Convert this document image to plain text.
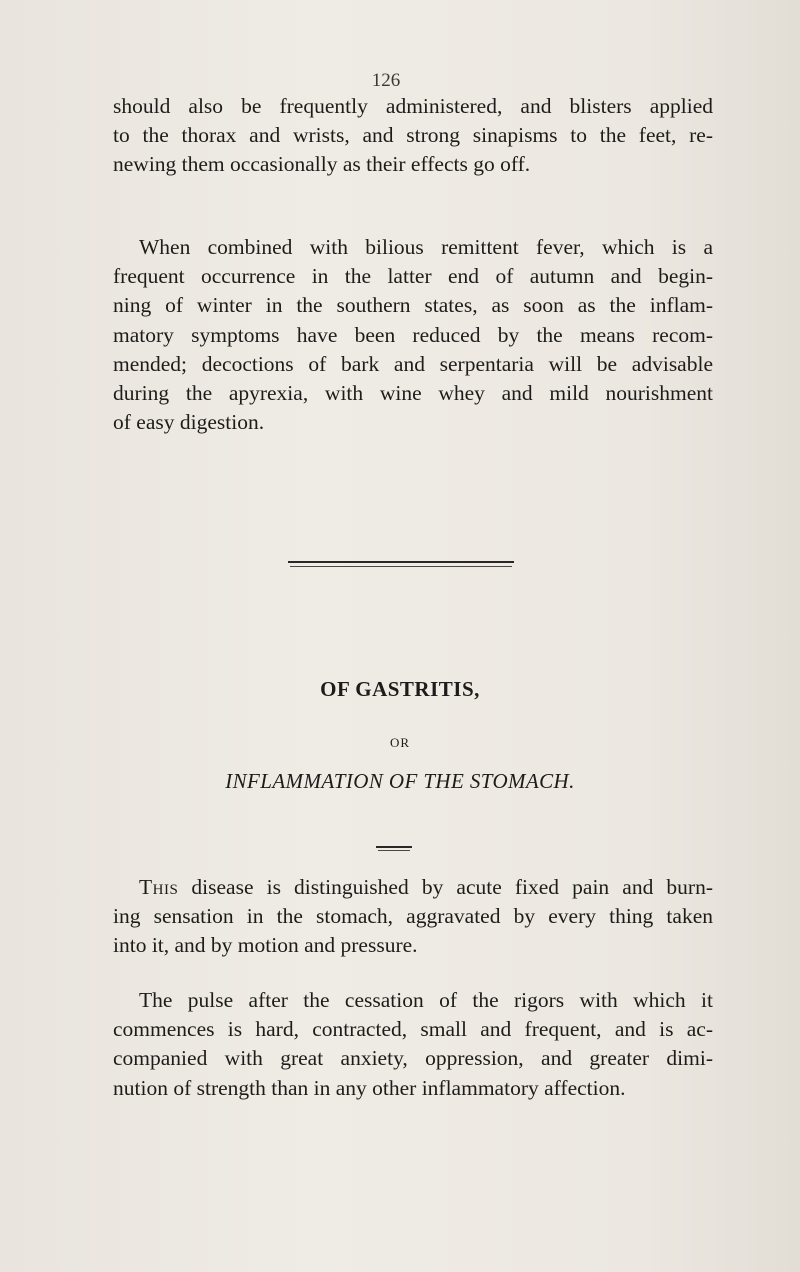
126

should also be frequently administered, and blisters applied
to the thorax and wrists, and strong sinapisms to the feet, re-
newing them occasionally as their effects go off.

When combined with bilious remittent fever, which is a
frequent occurrence in the latter end of autumn and begin-
ning of winter in the southern states, as soon as the inflam-
matory symptoms have been reduced by the means recom-
mended; decoctions of bark and serpentaria will be advisable
during the apyrexia, with wine whey and mild nourishment
of easy digestion.

OF GASTRITIS,
OR
INFLAMMATION OF THE STOMACH.

This disease is distinguished by acute fixed pain and burn-
ing sensation in the stomach, aggravated by every thing taken
into it, and by motion and pressure.

The pulse after the cessation of the rigors with which it
commences is hard, contracted, small and frequent, and is ac-
companied with great anxiety, oppression, and greater dimi-
nution of strength than in any other inflammatory affection.
